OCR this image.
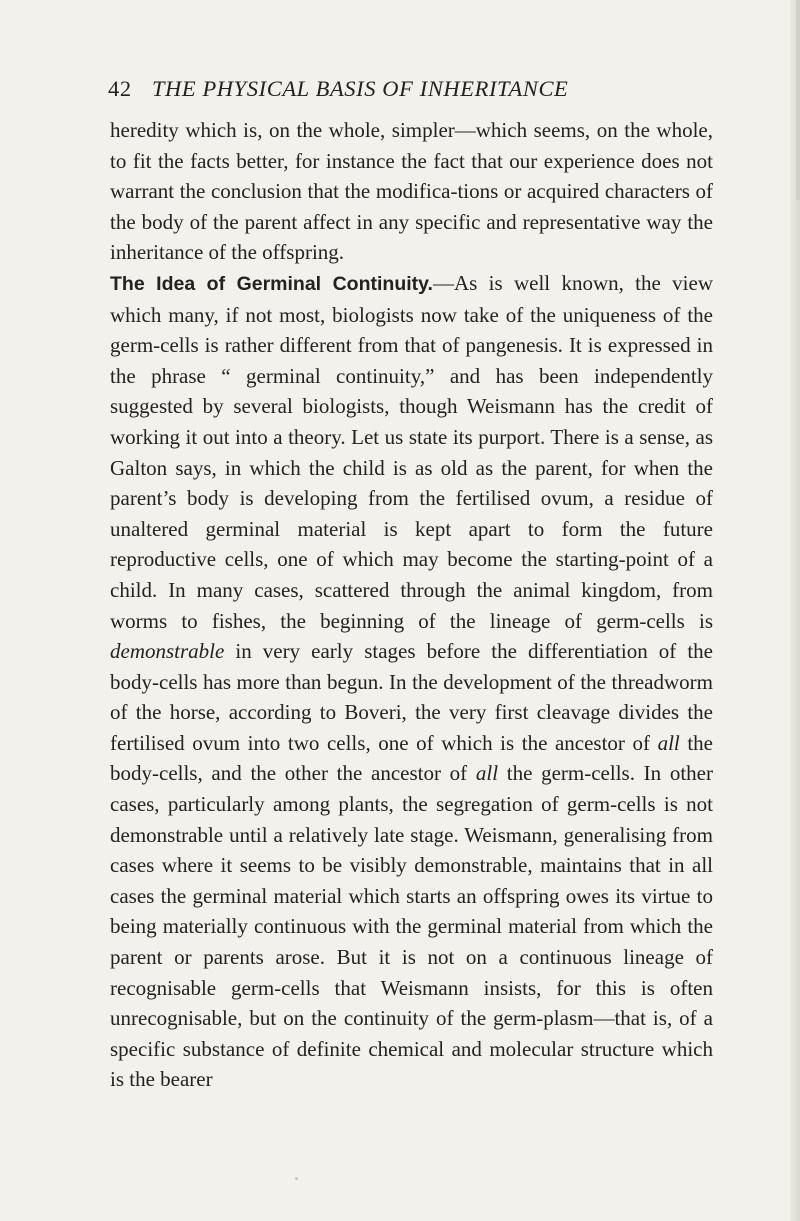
42 THE PHYSICAL BASIS OF INHERITANCE

heredity which is, on the whole, simpler—which seems, on the whole, to fit the facts better, for instance the fact that our experience does not warrant the conclusion that the modifica-tions or acquired characters of the body of the parent affect in any specific and representative way the inheritance of the offspring.

The Idea of Germinal Continuity.—As is well known, the view which many, if not most, biologists now take of the uniqueness of the germ-cells is rather different from that of pangenesis. It is expressed in the phrase “ germinal continuity,” and has been independently suggested by several biologists, though Weismann has the credit of working it out into a theory. Let us state its purport. There is a sense, as Galton says, in which the child is as old as the parent, for when the parent’s body is developing from the fertilised ovum, a residue of unaltered germinal material is kept apart to form the future reproductive cells, one of which may become the starting-point of a child. In many cases, scattered through the animal kingdom, from worms to fishes, the beginning of the lineage of germ-cells is demonstrable in very early stages before the differentiation of the body-cells has more than begun. In the development of the threadworm of the horse, according to Boveri, the very first cleavage divides the fertilised ovum into two cells, one of which is the ancestor of all the body-cells, and the other the ancestor of all the germ-cells. In other cases, particularly among plants, the segregation of germ-cells is not demonstrable until a relatively late stage. Weismann, generalising from cases where it seems to be visibly demonstrable, maintains that in all cases the germinal material which starts an offspring owes its virtue to being materially continuous with the germinal material from which the parent or parents arose. But it is not on a continuous lineage of recognisable germ-cells that Weismann insists, for this is often unrecognisable, but on the continuity of the germ-plasm—that is, of a specific substance of definite chemical and molecular structure which is the bearer
